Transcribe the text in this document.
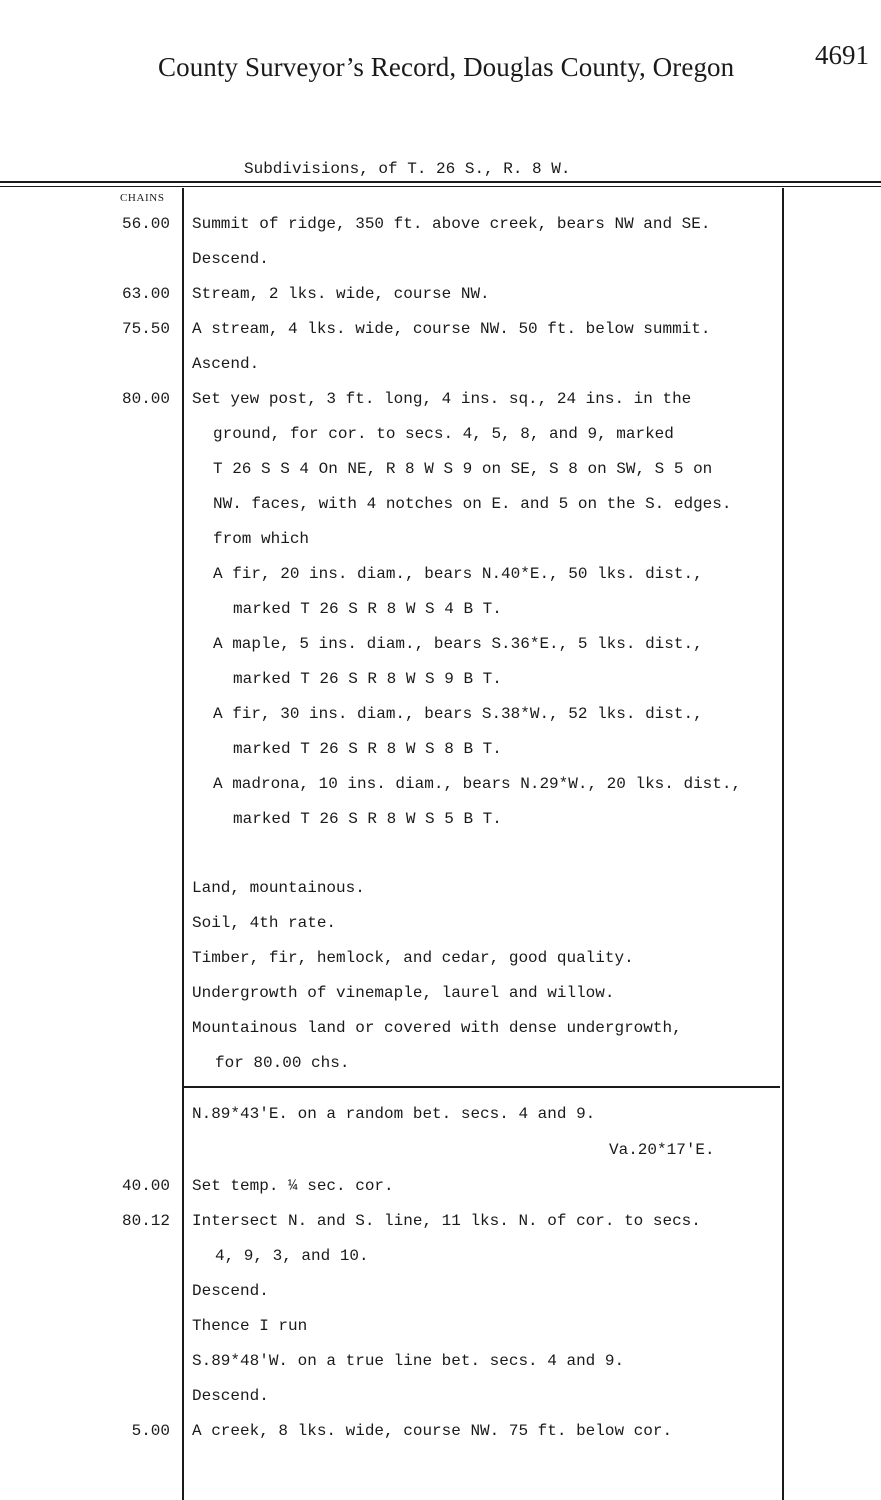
County Surveyor’s Record, Douglas County, Oregon	4691
Subdivisions, of T. 26 S., R. 8 W.
CHAINS
56.00
63.00
75.50
80.00
40.00
80.12
5.00
Summit of ridge, 350 ft. above creek, bears NW and SE.
Descend.
Stream, 2 lks. wide, course NW.
A stream, 4 lks. wide, course NW. 50 ft. below summit.
Ascend.
Set yew post, 3 ft. long, 4 ins. sq., 24 ins. in the
ground, for cor. to secs. 4, 5, 8, and 9, marked
T 26 S S 4 On NE, R 8 W S 9 on SE, S 8 on SW, S 5 on
NW. faces, with 4 notches on E. and 5 on the S. edges.
from which
A fir, 20 ins. diam., bears N.40*E., 50 lks. dist.,
marked T 26 S R 8 W S 4 B T.
A maple, 5 ins. diam., bears S.36*E., 5 lks. dist.,
marked T 26 S R 8 W S 9 B T.
A fir, 30 ins. diam., bears S.38*W., 52 lks. dist.,
marked T 26 S R 8 W S 8 B T.
A madrona, 10 ins. diam., bears N.29*W., 20 lks. dist.,
marked T 26 S R 8 W S 5 B T.
Land, mountainous.
Soil, 4th rate.
Timber, fir, hemlock, and cedar, good quality.
Undergrowth of vinemaple, laurel and willow.
Mountainous land or covered with dense undergrowth,
for 80.00 chs.
N.89*43'E. on a random bet. secs. 4 and 9.
Va.20*17'E.
Set temp. ¼ sec. cor.
Intersect N. and S. line, 11 lks. N. of cor. to secs.
4, 9, 3, and 10.
Descend.
Thence I run
S.89*48'W. on a true line bet. secs. 4 and 9.
Descend.
A creek, 8 lks. wide, course NW. 75 ft. below cor.
